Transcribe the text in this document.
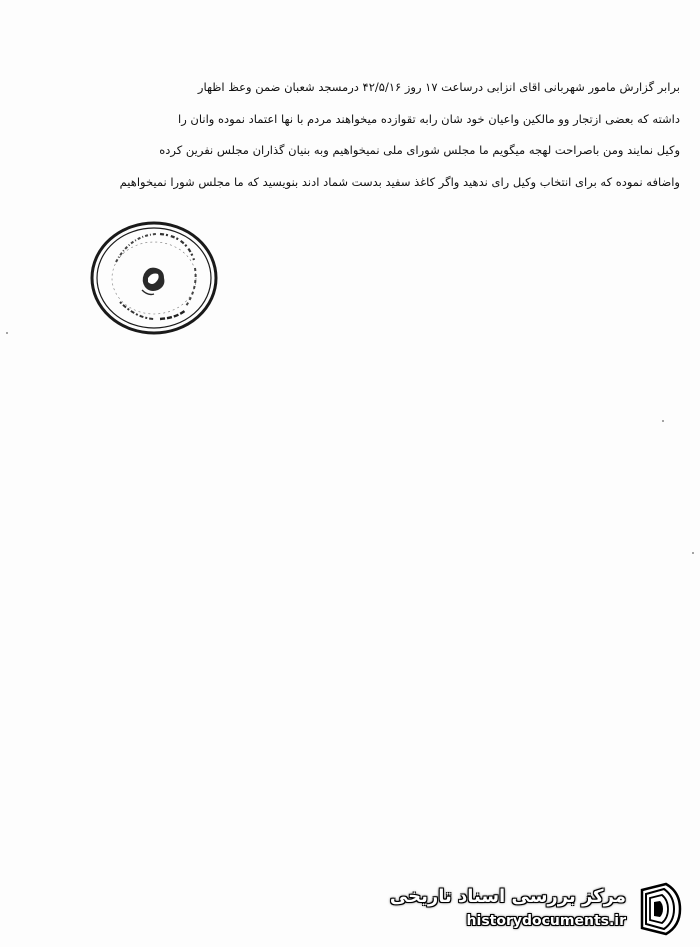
برابر گزارش مامور شهربانی اقای انزابی درساعت ۱۷ روز ۴۲/۵/۱۶ درمسجد شعبان ضمن وعظ اظهار
داشته که بعضی ازتجار وو مالکین واعیان خود شان رابه تقوازده میخواهند مردم با نها اعتماد نموده وانان را
وکیل نمایند ومن باصراحت لهجه میگویم ما مجلس شورای ملی نمیخواهیم وبه بنیان گذاران مجلس نفرین کرده
واضافه نموده که برای انتخاب وکیل رای ندهید واگر کاغذ سفید بدست شماد ادند بنویسید که ما مجلس شورا نمیخواهیم
مرکز بررسی اسناد تاریخی
historydocuments.ir
